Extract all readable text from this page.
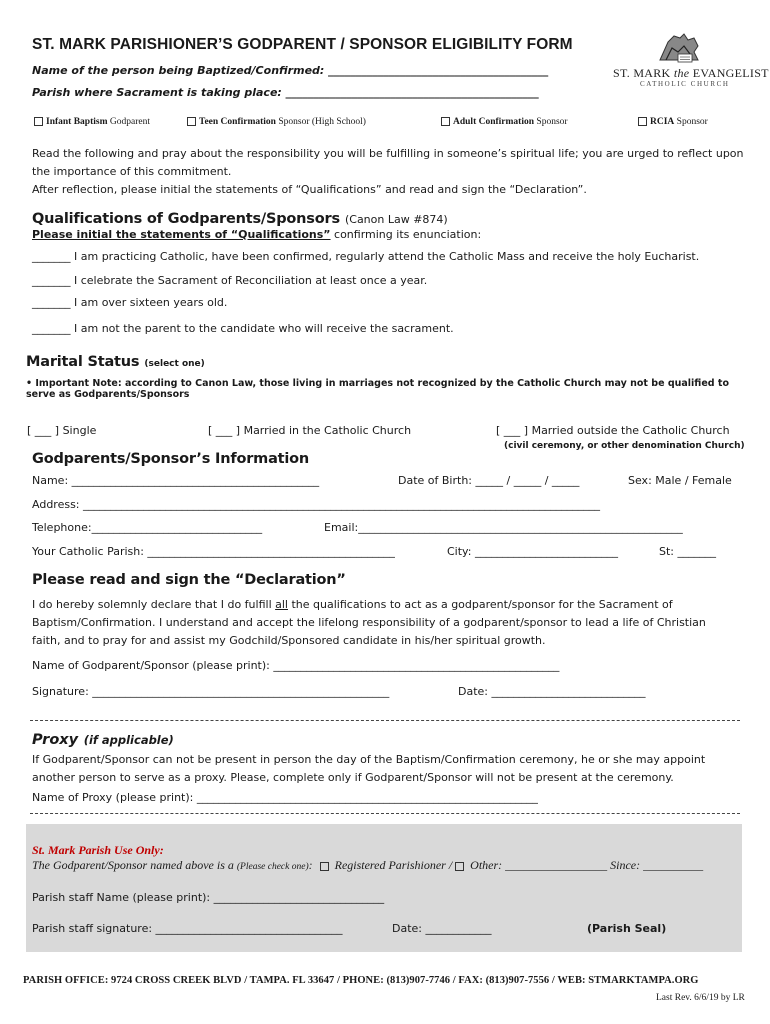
ST. MARK PARISHIONER’S GODPARENT / SPONSOR ELIGIBILITY FORM
Name of the person being Baptized/Confirmed: ________________________________________
Parish where Sacrament is taking place: ______________________________________________
ST. MARK the EVANGELIST
CATHOLIC CHURCH
Infant Baptism Godparent	Teen Confirmation Sponsor (High School)	Adult Confirmation Sponsor	RCIA Sponsor
Read the following and pray about the responsibility you will be fulfilling in someone’s spiritual life; you are urged to reflect upon the importance of this commitment.
After reflection, please initial the statements of “Qualifications” and read and sign the “Declaration”.
Qualifications of Godparents/Sponsors (Canon Law #874)
Please initial the statements of “Qualifications” confirming its enunciation:
_______ I am practicing Catholic, have been confirmed, regularly attend the Catholic Mass and receive the holy Eucharist.
_______ I celebrate the Sacrament of Reconciliation at least once a year.
_______ I am over sixteen years old.
_______ I am not the parent to the candidate who will receive the sacrament.
Marital Status (select one)
• Important Note: according to Canon Law, those living in marriages not recognized by the Catholic Church may not be qualified to serve as Godparents/Sponsors
[ ___ ] Single	[ ___ ] Married in the Catholic Church	[ ___ ] Married outside the Catholic Church
(civil ceremony, or other denomination Church)
Godparents/Sponsor’s Information
Name: _____________________________________________	Date of Birth: _____ / _____ / _____	Sex: Male / Female
Address: ______________________________________________________________________________________________
Telephone:_______________________________	Email:___________________________________________________________
Your Catholic Parish: _____________________________________________	City: __________________________	St: _______
Please read and sign the “Declaration”
I do hereby solemnly declare that I do fulfill all the qualifications to act as a godparent/sponsor for the Sacrament of Baptism/Confirmation. I understand and accept the lifelong responsibility of a godparent/sponsor to lead a life of Christian faith, and to pray for and assist my Godchild/Sponsored candidate in his/her spiritual growth.
Name of Godparent/Sponsor (please print): ____________________________________________________
Signature: ______________________________________________________	Date: ____________________________
Proxy (if applicable)
If Godparent/Sponsor can not be present in person the day of the Baptism/Confirmation ceremony, he or she may appoint another person to serve as a proxy. Please, complete only if Godparent/Sponsor will not be present at the ceremony.
Name of Proxy (please print): ______________________________________________________________
St. Mark Parish Use Only:
The Godparent/Sponsor named above is a (Please check one):  Registered Parishioner /  Other: _________________ Since: __________
Parish staff Name (please print): _______________________________
Parish staff signature: __________________________________	Date: ____________	(Parish Seal)
PARISH OFFICE: 9724 CROSS CREEK BLVD / TAMPA. FL 33647 / PHONE: (813)907-7746 / FAX: (813)907-7556 / WEB: STMARKTAMPA.ORG
Last Rev. 6/6/19 by LR
